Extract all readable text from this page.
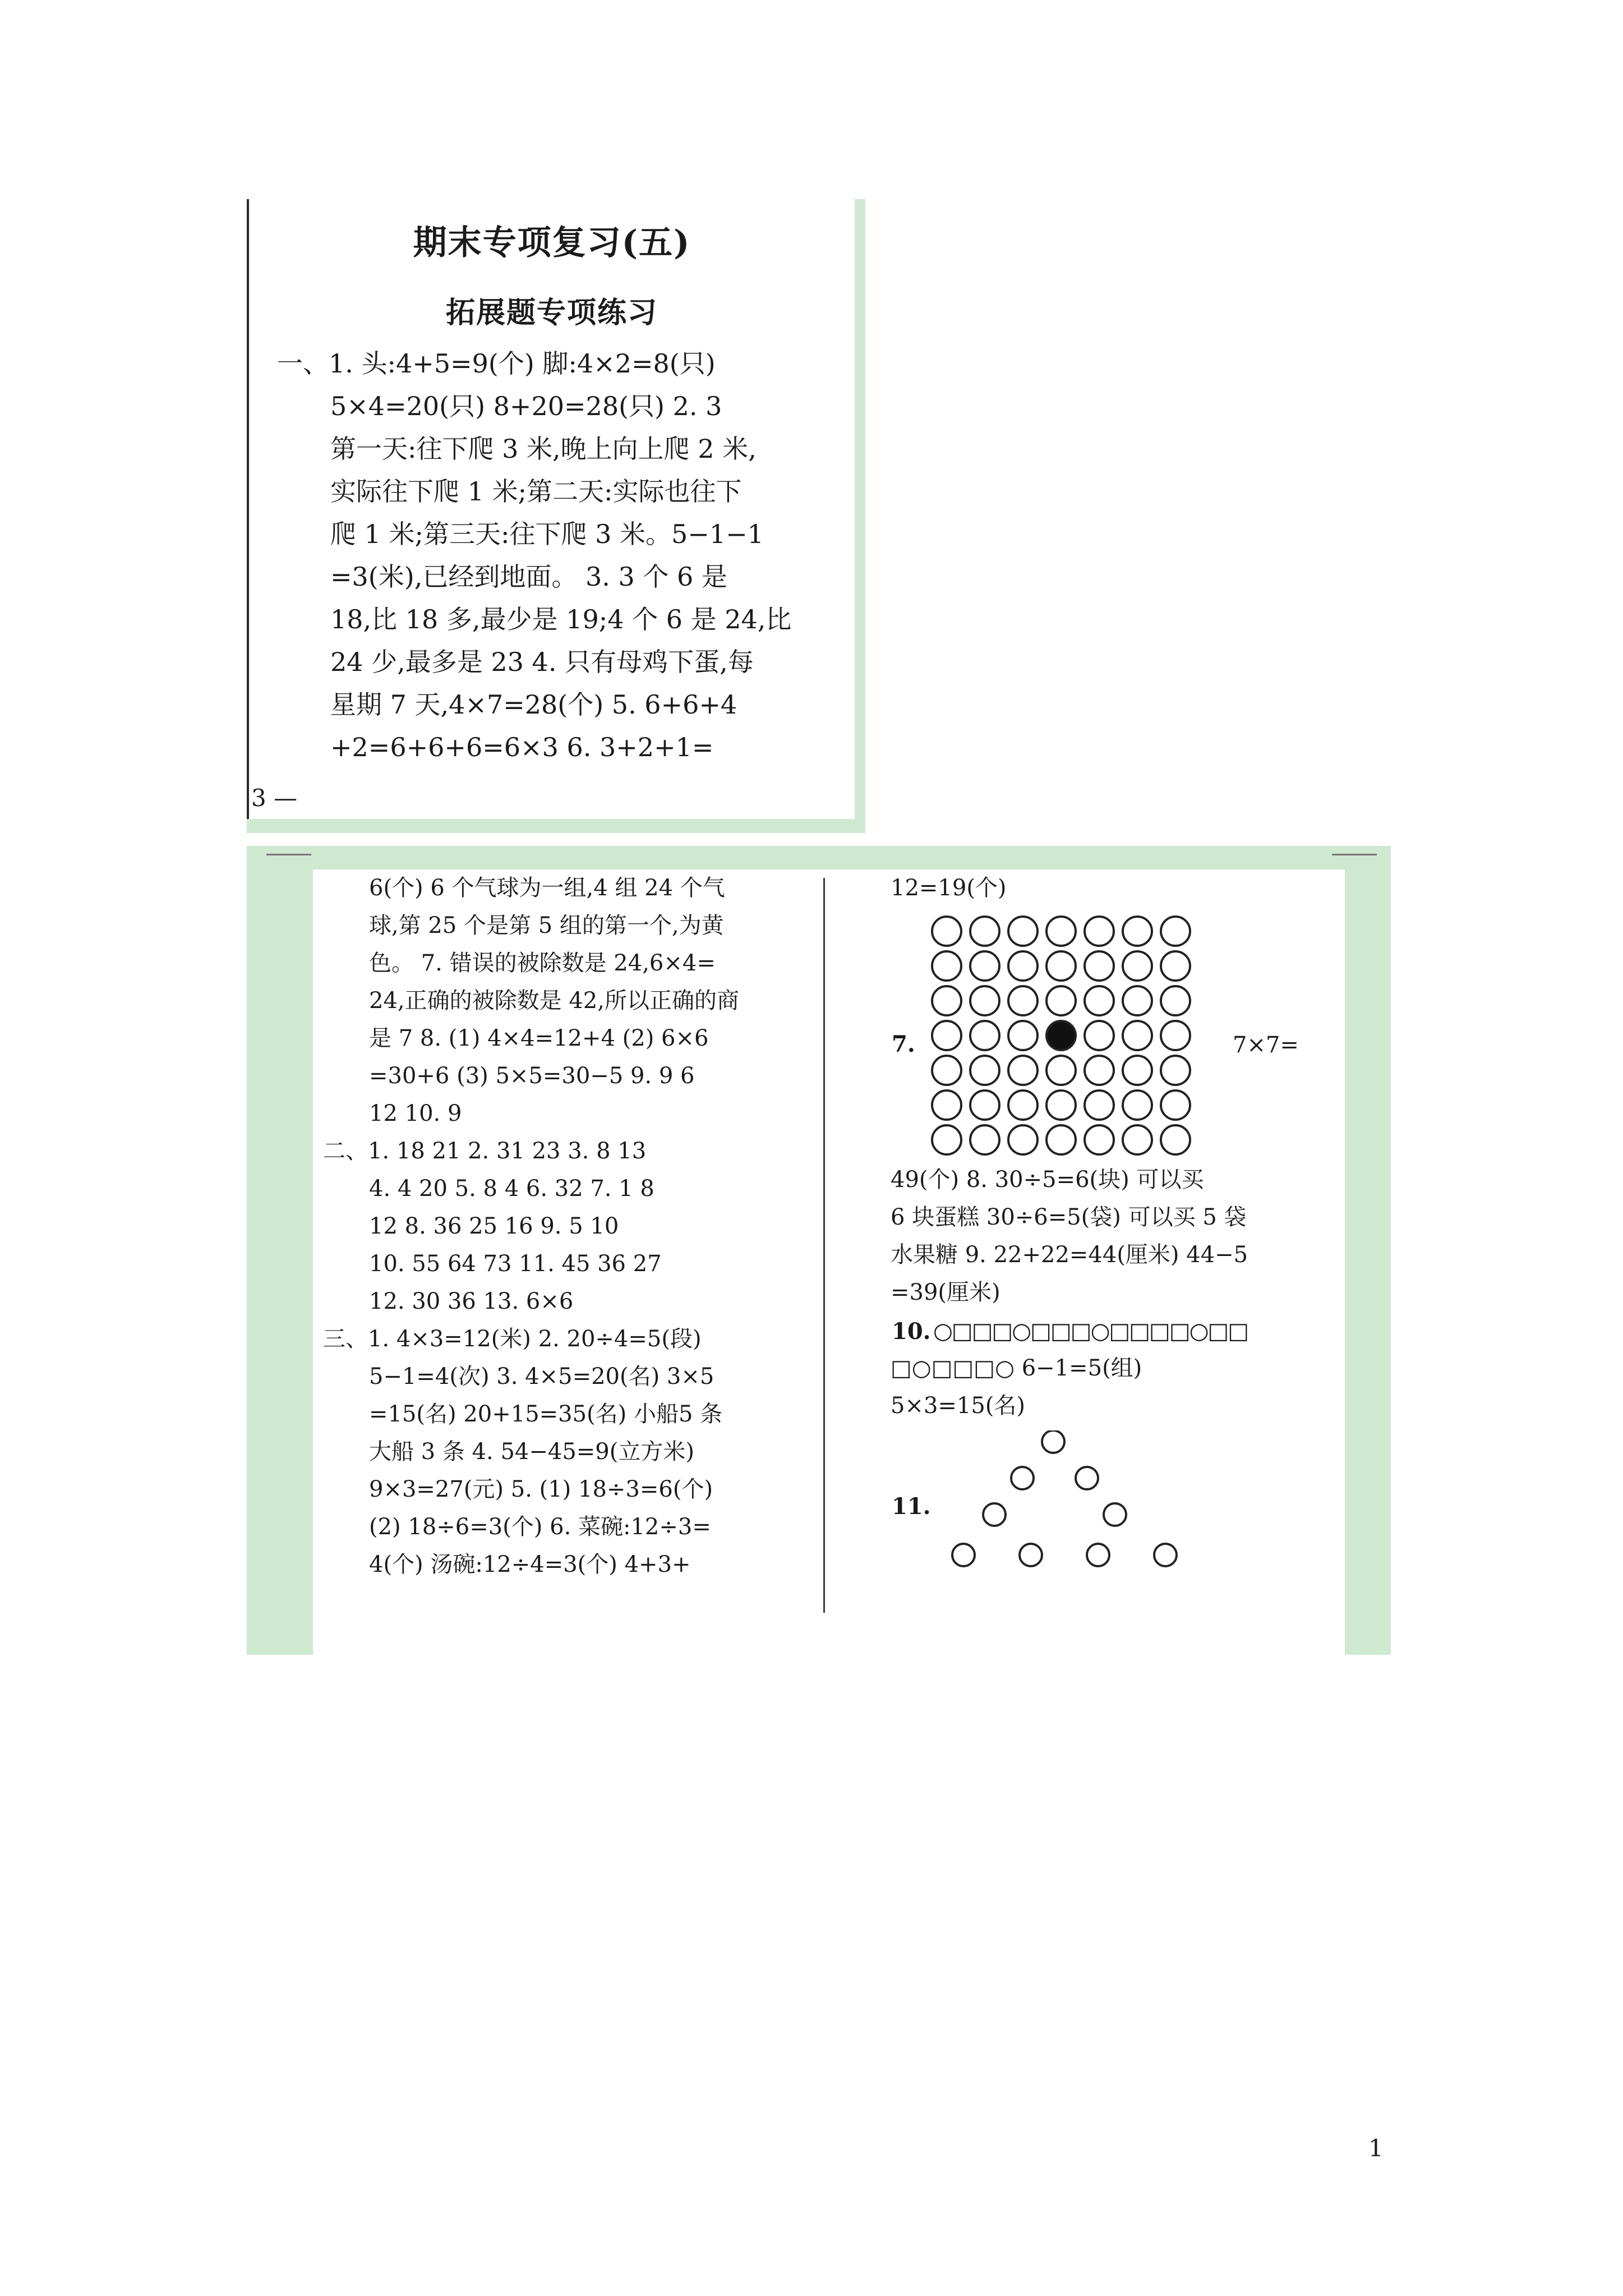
期末专项复习(五)
拓展题专项练习
一、1. 头:4+5=9(个) 脚:4×2=8(只)
5×4=20(只) 8+20=28(只) 2. 3
第一天:往下爬 3 米,晚上向上爬 2 米,
实际往下爬 1 米;第二天:实际也往下
爬 1 米;第三天:往下爬 3 米。5−1−1
=3(米),已经到地面。 3. 3 个 6 是
18,比 18 多,最少是 19;4 个 6 是 24,比
24 少,最多是 23 4. 只有母鸡下蛋,每
星期 7 天,4×7=28(个) 5. 6+6+4
+2=6+6+6=6×3 6. 3+2+1=
3 —
6(个) 6 个气球为一组,4 组 24 个气
球,第 25 个是第 5 组的第一个,为黄
色。 7. 错误的被除数是 24,6×4=
24,正确的被除数是 42,所以正确的商
是 7 8. (1) 4×4=12+4 (2) 6×6
=30+6 (3) 5×5=30−5 9. 9 6
12 10. 9
二、1. 18 21 2. 31 23 3. 8 13
4. 4 20 5. 8 4 6. 32 7. 1 8
12 8. 36 25 16 9. 5 10
10. 55 64 73 11. 45 36 27
12. 30 36 13. 6×6
三、1. 4×3=12(米) 2. 20÷4=5(段)
5−1=4(次) 3. 4×5=20(名) 3×5
=15(名) 20+15=35(名) 小船5 条
大船 3 条 4. 54−45=9(立方米)
9×3=27(元) 5. (1) 18÷3=6(个)
(2) 18÷6=3(个) 6. 菜碗:12÷3=
4(个) 汤碗:12÷4=3(个) 4+3+
12=19(个)
7.	7×7=
49(个) 8. 30÷5=6(块) 可以买
6 块蛋糕 30÷6=5(袋) 可以买 5 袋
水果糖 9. 22+22=44(厘米) 44−5
=39(厘米)
10. ○□□□○□□□○□□□□○□□
□○□□□○ 6−1=5(组)
5×3=15(名)
11.
1
